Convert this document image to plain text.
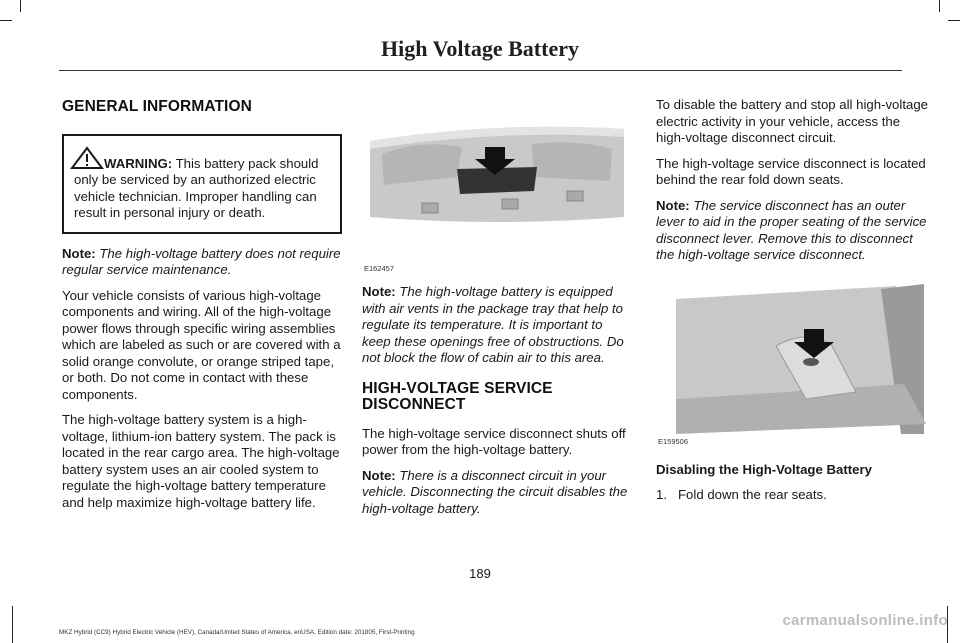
High Voltage Battery
GENERAL INFORMATION
WARNING: This battery pack should only be serviced by an authorized electric vehicle technician. Improper handling can result in personal injury or death.

Note: The high-voltage battery does not require regular service maintenance.

Your vehicle consists of various high-voltage components and wiring. All of the high-voltage power flows through specific wiring assemblies which are labeled as such or are covered with a solid orange convolute, or orange striped tape, or both. Do not come in contact with these components.

The high-voltage battery system is a high-voltage, lithium-ion battery system. The pack is located in the rear cargo area. The high-voltage battery system uses an air cooled system to regulate the high-voltage battery temperature and help maximize high-voltage battery life.

E162457

Note: The high-voltage battery is equipped with air vents in the package tray that help to regulate its temperature. It is important to keep these openings free of obstructions. Do not block the flow of cabin air to this area.

HIGH-VOLTAGE SERVICE DISCONNECT

The high-voltage service disconnect shuts off power from the high-voltage battery.

Note: There is a disconnect circuit in your vehicle. Disconnecting the circuit disables the high-voltage battery.

To disable the battery and stop all high-voltage electric activity in your vehicle, access the high-voltage disconnect circuit.

The high-voltage service disconnect is located behind the rear fold down seats.

Note: The service disconnect has an outer lever to aid in the proper seating of the service disconnect lever. Remove this to disconnect the high-voltage service disconnect.

E159506

Disabling the High-Voltage Battery

1. Fold down the rear seats.

189
MKZ Hybrid (CC9) Hybrid Electric Vehicle (HEV), Canada/United States of America, enUSA, Edition date: 201805, First-Printing
carmanualsonline.info
